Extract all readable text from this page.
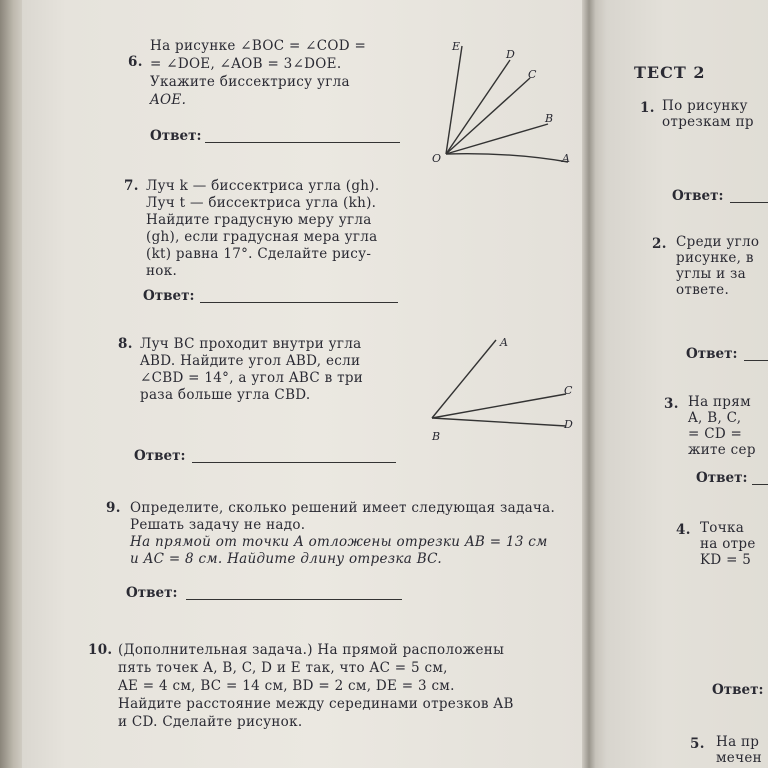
6.
На рисунке ∠BOC = ∠COD =
= ∠DOE, ∠AOB = 3∠DOE.
Укажите биссектрису угла
AOE.
Ответ:
E
D
C
B
A
O
7. Луч k — биссектриса угла (gh).
Луч t — биссектриса угла (kh).
Найдите градусную меру угла
(gh), если градусная мера угла
(kt) равна 17°. Сделайте рису-
нок.
Ответ:
8. Луч BC проходит внутри угла
ABD. Найдите угол ABD, если
∠CBD = 14°, а угол ABC в три
раза больше угла CBD.
A
C
D
B
Ответ:
9. Определите, сколько решений имеет следующая задача.
Решать задачу не надо.
На прямой от точки A отложены отрезки AB = 13 см
и AC = 8 см. Найдите длину отрезка BC.
Ответ:
10. (Дополнительная задача.) На прямой расположены
пять точек A, B, C, D и E так, что AC = 5 см,
AE = 4 см, BC = 14 см, BD = 2 см, DE = 3 см.
Найдите расстояние между серединами отрезков AB
и CD. Сделайте рисунок.
ТЕСТ 2
1. По рисунку
отрезкам пр
Ответ:
2. Среди угло
рисунке, в
углы и за
ответе.
Ответ:
3. На прям
A, B, C,
= CD =
жите сер
Ответ:
4. Точка
на отре
KD = 5
Ответ:
5. На пр
мечен
